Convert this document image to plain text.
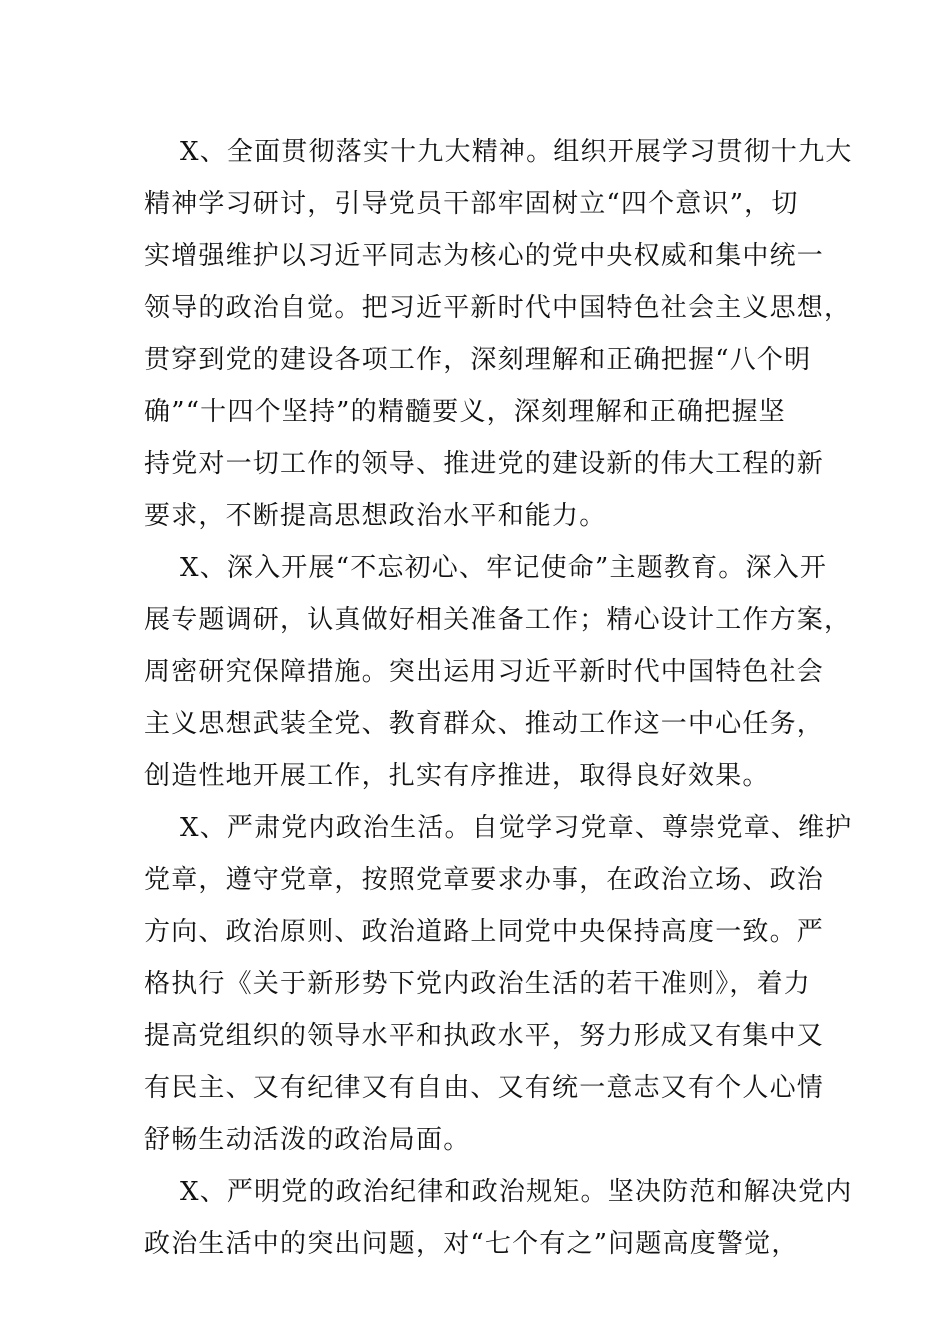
X、全面贯彻落实十九大精神。组织开展学习贯彻十九大
精神学习研讨，引导党员干部牢固树立“四个意识”，切
实增强维护以习近平同志为核心的党中央权威和集中统一
领导的政治自觉。把习近平新时代中国特色社会主义思想，
贯穿到党的建设各项工作，深刻理解和正确把握“八个明
确”“十四个坚持”的精髓要义，深刻理解和正确把握坚
持党对一切工作的领导、推进党的建设新的伟大工程的新
要求，不断提高思想政治水平和能力。
X、深入开展“不忘初心、牢记使命”主题教育。深入开
展专题调研，认真做好相关准备工作；精心设计工作方案，
周密研究保障措施。突出运用习近平新时代中国特色社会
主义思想武装全党、教育群众、推动工作这一中心任务，
创造性地开展工作，扎实有序推进，取得良好效果。
X、严肃党内政治生活。自觉学习党章、尊崇党章、维护
党章，遵守党章，按照党章要求办事，在政治立场、政治
方向、政治原则、政治道路上同党中央保持高度一致。严
格执行《关于新形势下党内政治生活的若干准则》，着力
提高党组织的领导水平和执政水平，努力形成又有集中又
有民主、又有纪律又有自由、又有统一意志又有个人心情
舒畅生动活泼的政治局面。
X、严明党的政治纪律和政治规矩。坚决防范和解决党内
政治生活中的突出问题，对“七个有之”问题高度警觉，
